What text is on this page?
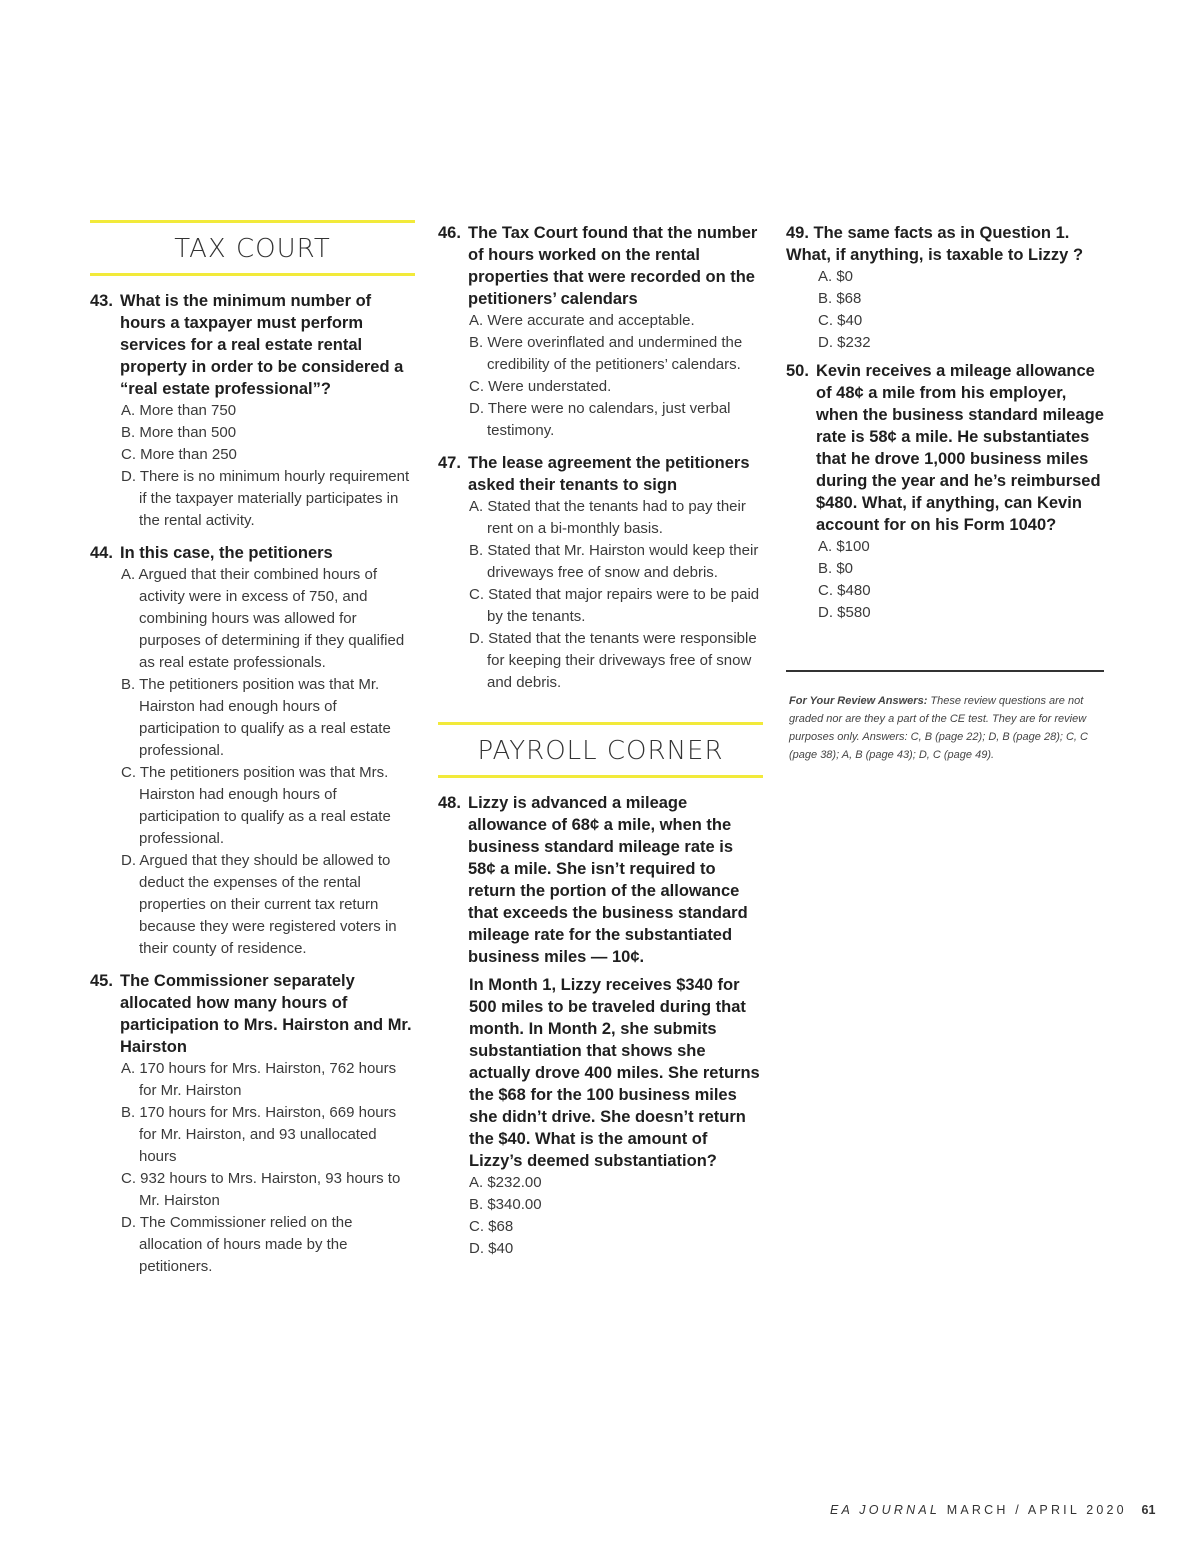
TAX COURT
43. What is the minimum number of hours a taxpayer must perform services for a real estate rental property in order to be considered a “real estate professional”?
A. More than 750
B. More than 500
C. More than 250
D. There is no minimum hourly requirement if the taxpayer materially participates in the rental activity.
44. In this case, the petitioners
A. Argued that their combined hours of activity were in excess of 750, and combining hours was allowed for purposes of determining if they qualified as real estate professionals.
B. The petitioners position was that Mr. Hairston had enough hours of participation to qualify as a real estate professional.
C. The petitioners position was that Mrs. Hairston had enough hours of participation to qualify as a real estate professional.
D. Argued that they should be allowed to deduct the expenses of the rental properties on their current tax return because they were registered voters in their county of residence.
45. The Commissioner separately allocated how many hours of participation to Mrs. Hairston and Mr. Hairston
A. 170 hours for Mrs. Hairston, 762 hours for Mr. Hairston
B. 170 hours for Mrs. Hairston, 669 hours for Mr. Hairston, and 93 unallocated hours
C. 932 hours to Mrs. Hairston, 93 hours to Mr. Hairston
D. The Commissioner relied on the allocation of hours made by the petitioners.
46. The Tax Court found that the number of hours worked on the rental properties that were recorded on the petitioners’ calendars
A. Were accurate and acceptable.
B. Were overinflated and undermined the credibility of the petitioners’ calendars.
C. Were understated.
D. There were no calendars, just verbal testimony.
47. The lease agreement the petitioners asked their tenants to sign
A. Stated that the tenants had to pay their rent on a bi-monthly basis.
B. Stated that Mr. Hairston would keep their driveways free of snow and debris.
C. Stated that major repairs were to be paid by the tenants.
D. Stated that the tenants were responsible for keeping their driveways free of snow and debris.
PAYROLL CORNER
48. Lizzy is advanced a mileage allowance of 68¢ a mile, when the business standard mileage rate is 58¢ a mile. She isn’t required to return the portion of the allowance that exceeds the business standard mileage rate for the substantiated business miles — 10¢.
In Month 1, Lizzy receives $340 for 500 miles to be traveled during that month. In Month 2, she submits substantiation that shows she actually drove 400 miles. She returns the $68 for the 100 business miles she didn’t drive. She doesn’t return the $40. What is the amount of Lizzy’s deemed substantiation?
A. $232.00
B. $340.00
C. $68
D. $40
49. The same facts as in Question 1. What, if anything, is taxable to Lizzy ?
A. $0
B. $68
C. $40
D. $232
50. Kevin receives a mileage allowance of 48¢ a mile from his employer, when the business standard mileage rate is 58¢ a mile. He substantiates that he drove 1,000 business miles during the year and he’s reimbursed $480. What, if anything, can Kevin account for on his Form 1040?
A. $100
B. $0
C. $480
D. $580
For Your Review Answers: These review questions are not graded nor are they a part of the CE test. They are for review purposes only. Answers: C, B (page 22); D, B (page 28); C, C (page 38); A, B (page 43); D, C (page 49).
EA JOURNAL MARCH / APRIL 2020 61
